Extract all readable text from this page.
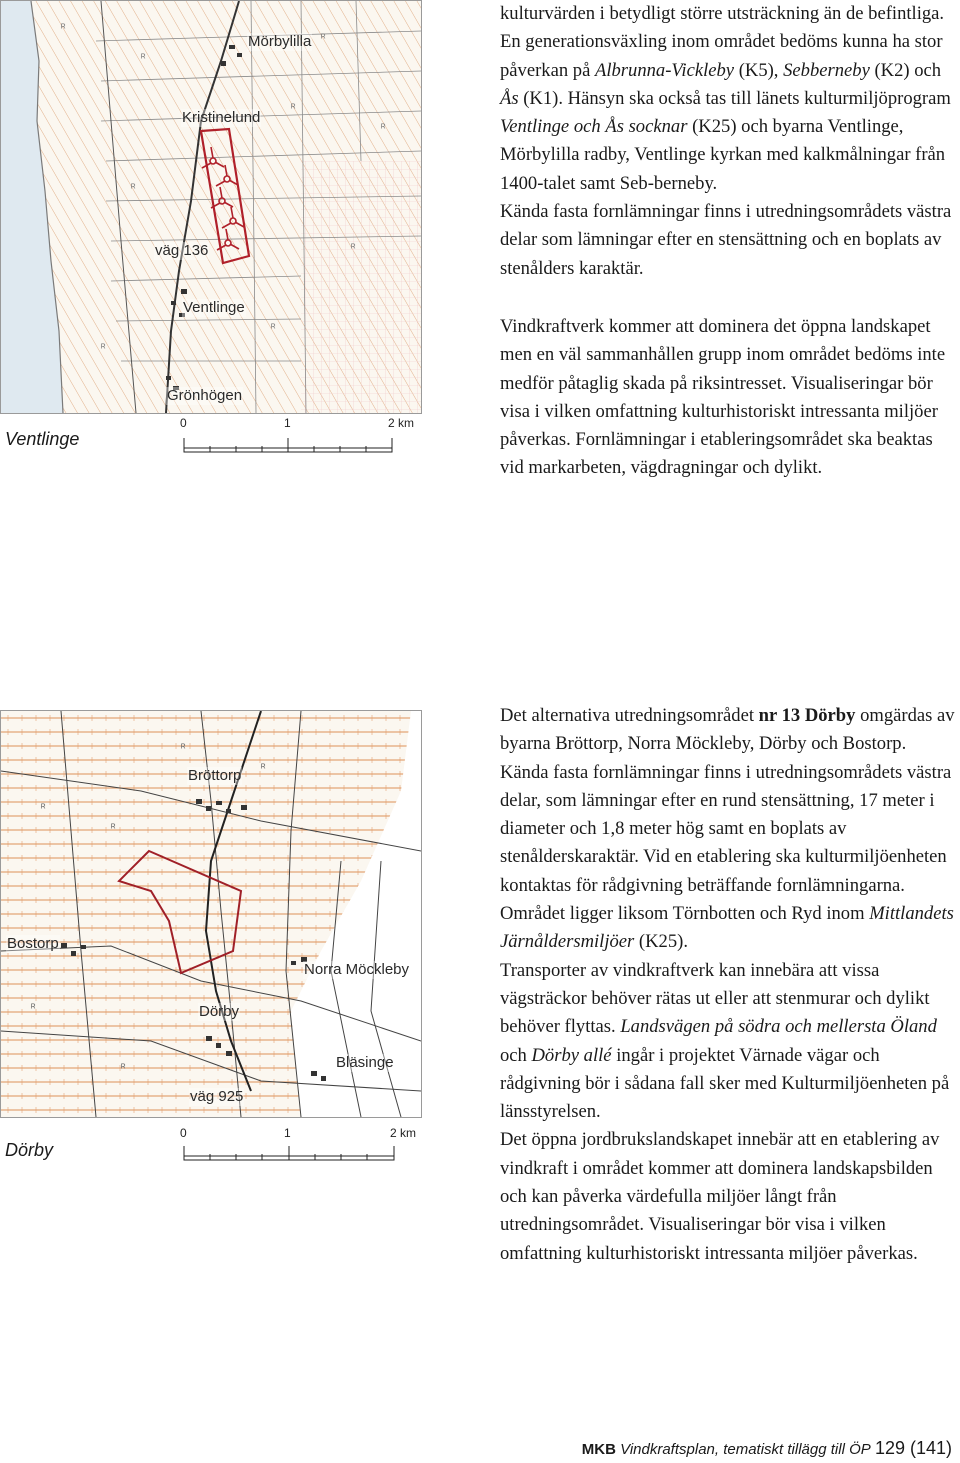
ᴿ
ᴿ
ᴿ
ᴿ
ᴿ
ᴿ
ᴿ
ᴿ
ᴿ
Mörbylilla
Kristinelund
väg 136
Ventlinge
Grönhögen
0	1	2 km
Ventlinge

kulturvärden i betydligt större utsträckning än de befintliga.

En generationsväxling inom området bedöms kunna ha stor påverkan på Albrunna-Vickleby (K5), Sebberneby (K2) och Ås (K1). Hänsyn ska också tas till länets kulturmiljöprogram Ventlinge och Ås socknar (K25) och byarna Ventlinge, Mörbylilla radby, Ventlinge kyrkan med kalkmålningar från 1400-talet samt Seb-berneby.

Kända fasta fornlämningar finns i utredningsområdets västra delar som lämningar efter en stensättning och en boplats av stenålders karaktär.

Vindkraftverk kommer att dominera det öppna landskapet men en väl sammanhållen grupp inom området bedöms inte medför påtaglig skada på riksintresset. Visualiseringar bör visa i vilken omfattning kulturhistoriskt intressanta miljöer påverkas. Fornlämningar i etableringsområdet ska beaktas vid markarbeten, vägdragningar och dylikt.

ᴿ
ᴿ
ᴿ
ᴿ
ᴿ
ᴿ
Bröttorp
Bostorp
Norra Möckleby
Dörby
Bläsinge
väg 925
0	1	2 km
Dörby

Det alternativa utredningsområdet nr 13 Dörby omgärdas av byarna Bröttorp, Norra Möckleby, Dörby och Bostorp.

Kända fasta fornlämningar finns i utredningsområdets västra delar, som lämningar efter en rund stensättning, 17 meter i diameter och 1,8 meter hög samt en boplats av stenålderskaraktär. Vid en etablering ska kulturmiljöenheten kontaktas för rådgivning beträffande fornlämningarna.

Området ligger liksom Törnbotten och Ryd inom Mittlandets Järnåldersmiljöer (K25).

Transporter av vindkraftverk kan innebära att vissa vägsträckor behöver rätas ut eller att stenmurar och dylikt behöver flyttas. Landsvägen på södra och mellersta Öland och Dörby allé ingår i projektet Värnade vägar och rådgivning bör i sådana fall sker med Kulturmiljöenheten på länsstyrelsen.

Det öppna jordbrukslandskapet innebär att en etablering av vindkraft i området kommer att dominera landskapsbilden och kan påverka värdefulla miljöer långt från utredningsområdet. Visualiseringar bör visa i vilken omfattning kulturhistoriskt intressanta miljöer påverkas.

MKB Vindkraftsplan, tematiskt tillägg till ÖP 129 (141)
